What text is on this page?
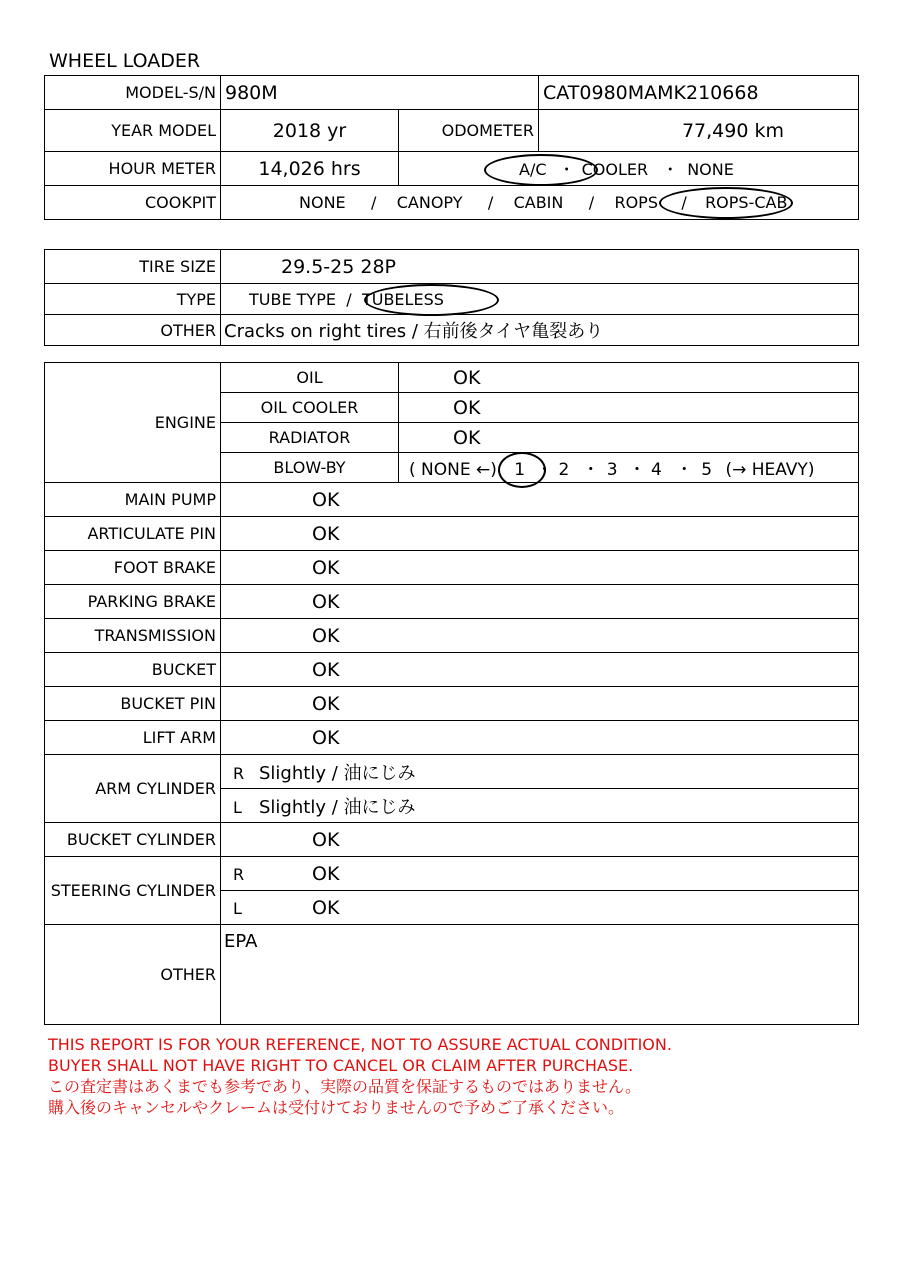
WHEEL LOADER
MODEL-S/N	980M		CAT0980MAMK210668
YEAR MODEL	2018 yr	ODOMETER	77,490 km
HOUR METER	14,026 hrs	A/C ・ COOLER ・ NONE	
COOKPIT	NONE / CANOPY / CABIN / ROPS / ROPS-CAB		
TIRE SIZE	29.5-25 28P
TYPE	TUBE TYPE / TUBELESS
OTHER	Cracks on right tires / 右前後タイヤ亀裂あり
ENGINE	OIL	OK
	OIL COOLER	OK
	RADIATOR	OK
	BLOW-BY	( NONE ←) 1 ・ 2 ・ 3 ・ 4 ・ 5 (→ HEAVY)
MAIN PUMP	OK	
ARTICULATE PIN	OK	
FOOT BRAKE	OK	
PARKING BRAKE	OK	
TRANSMISSION	OK	
BUCKET	OK	
BUCKET PIN	OK	
LIFT ARM	OK	
ARM CYLINDER	R Slightly / 油にじみ	
	L Slightly / 油にじみ	
BUCKET CYLINDER	OK	
STEERING CYLINDER	R OK	
	L OK	
OTHER	EPA	
THIS REPORT IS FOR YOUR REFERENCE, NOT TO ASSURE ACTUAL CONDITION.
BUYER SHALL NOT HAVE RIGHT TO CANCEL OR CLAIM AFTER PURCHASE.
この査定書はあくまでも参考であり、実際の品質を保証するものではありません。
購入後のキャンセルやクレームは受付けておりませんので予めご了承ください。
